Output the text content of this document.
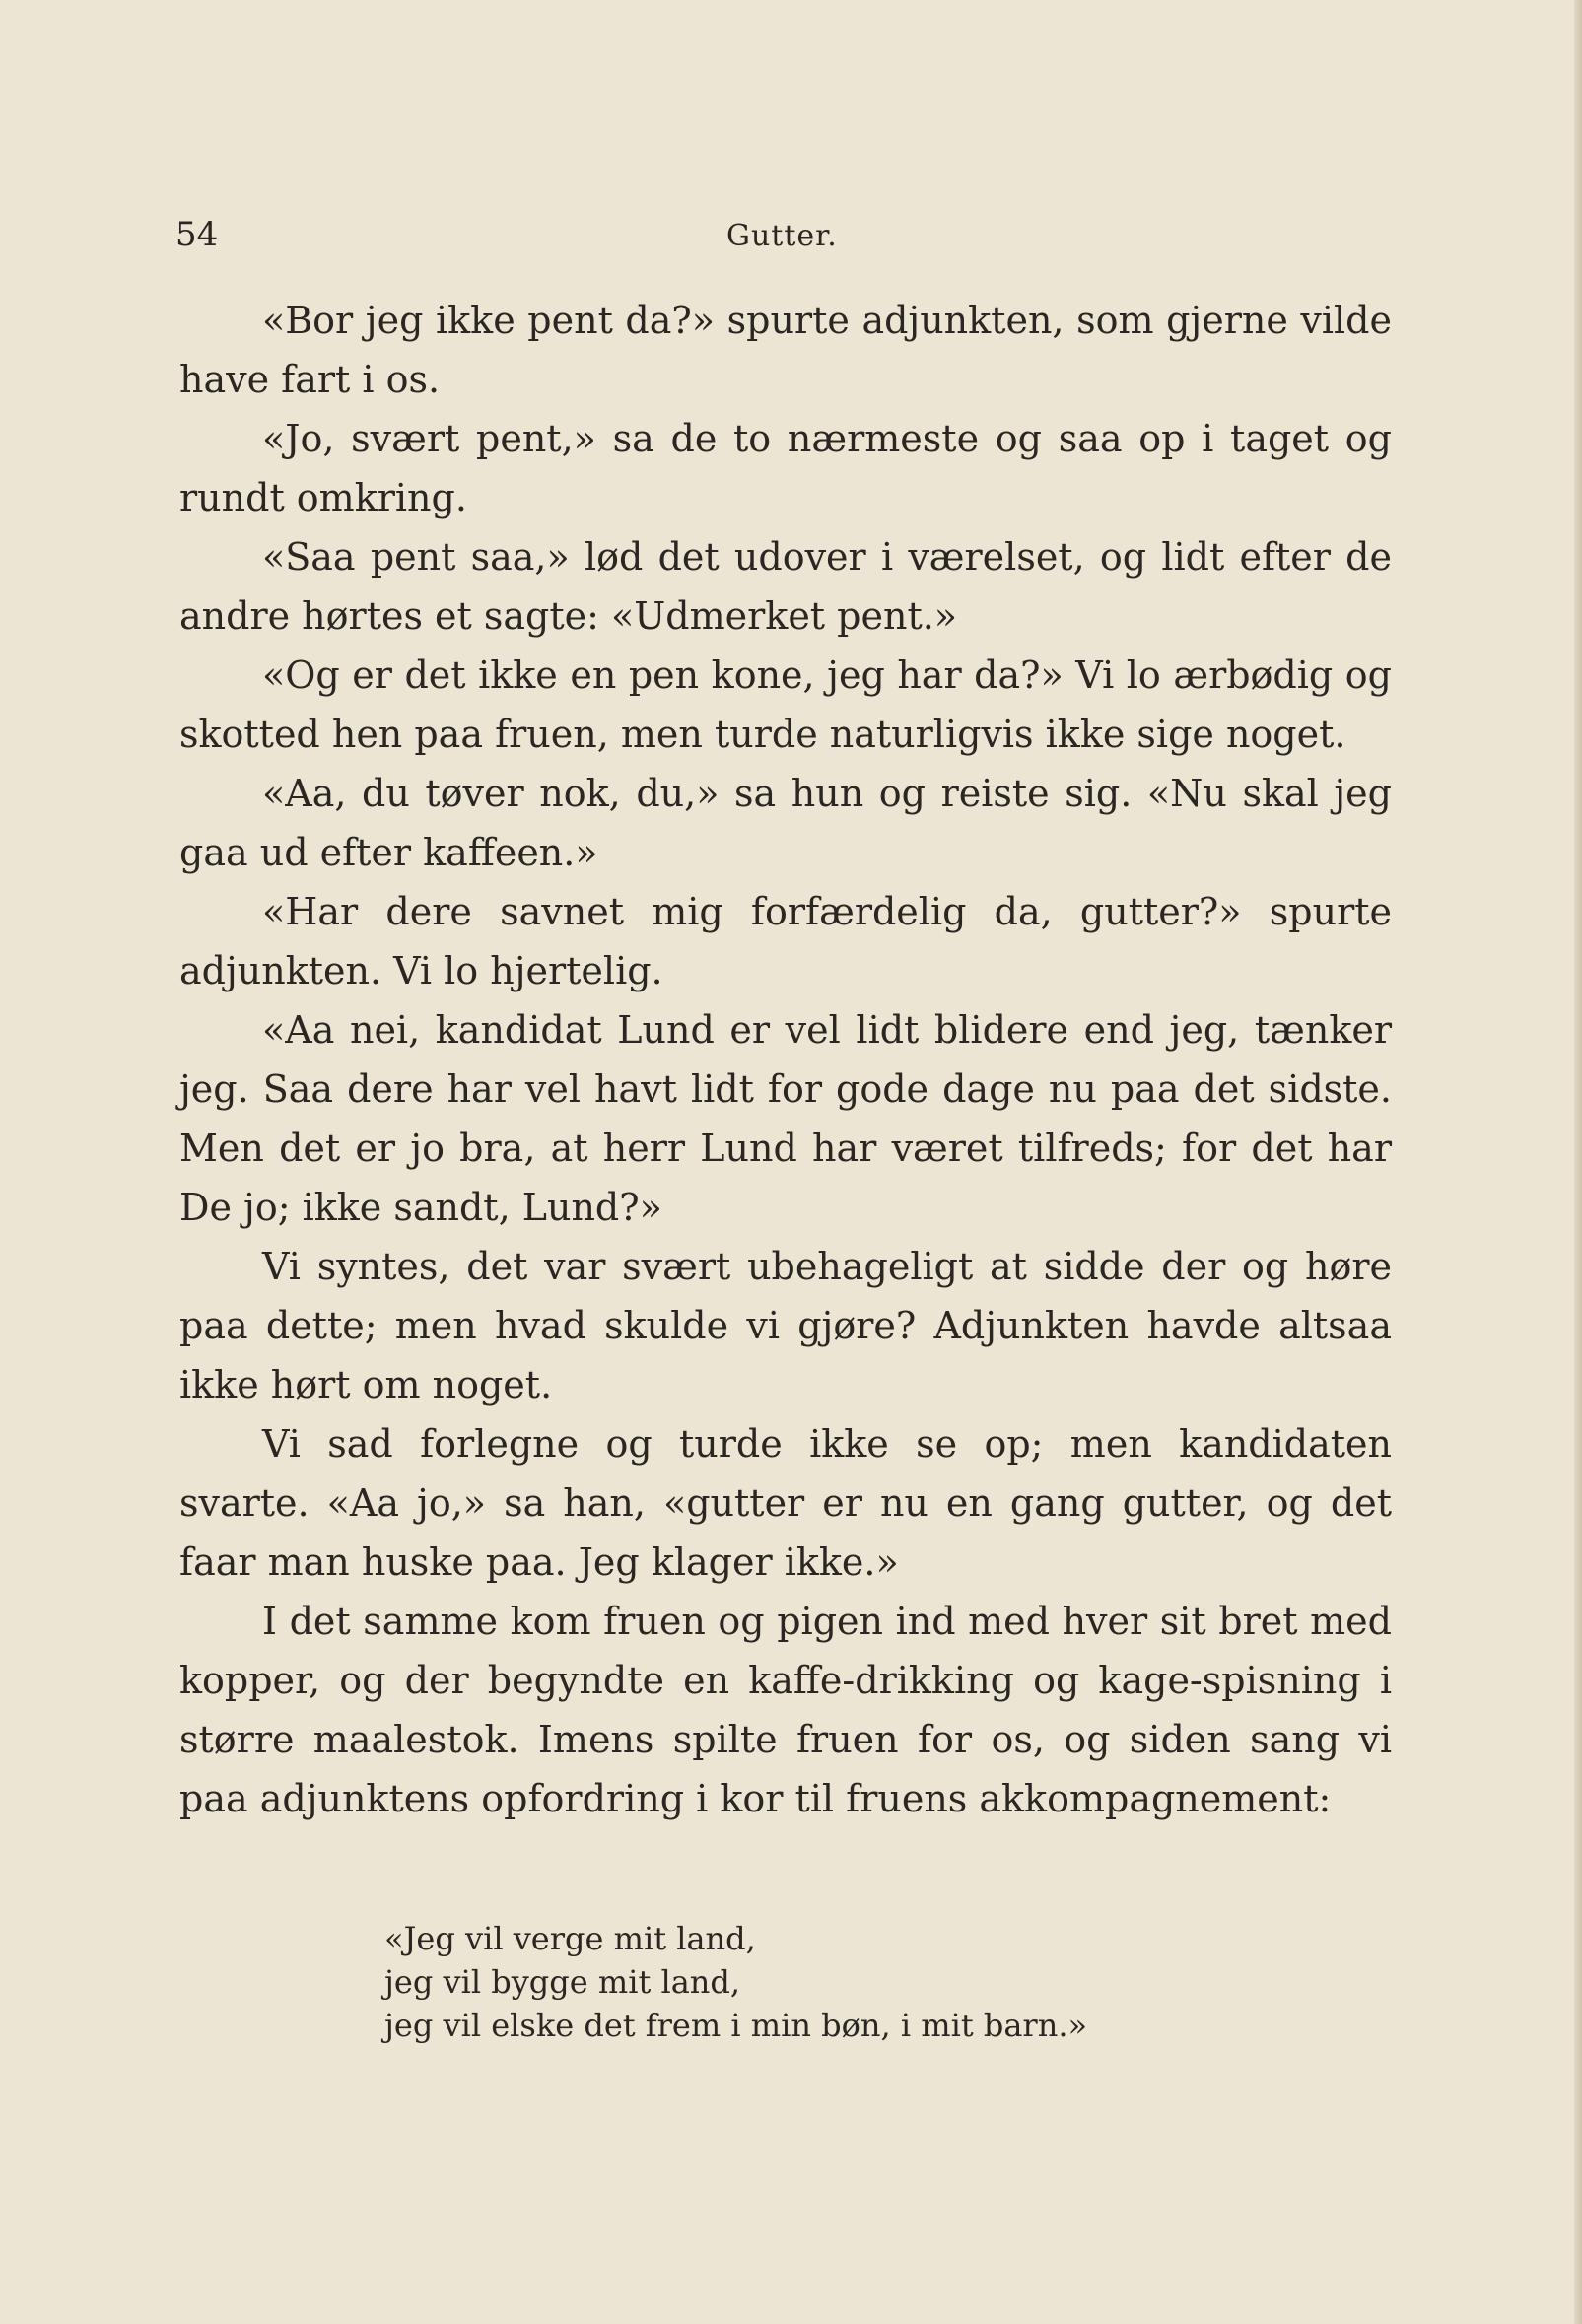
54	Gutter.

«Bor jeg ikke pent da?» spurte adjunkten, som gjerne vilde have fart i os.

«Jo, svært pent,» sa de to nærmeste og saa op i taget og rundt omkring.

«Saa pent saa,» lød det udover i værelset, og lidt efter de andre hørtes et sagte: «Udmerket pent.»

«Og er det ikke en pen kone, jeg har da?» Vi lo ærbødig og skotted hen paa fruen, men turde naturligvis ikke sige noget.

«Aa, du tøver nok, du,» sa hun og reiste sig. «Nu skal jeg gaa ud efter kaffeen.»

«Har dere savnet mig forfærdelig da, gutter?» spurte adjunkten. Vi lo hjertelig.

«Aa nei, kandidat Lund er vel lidt blidere end jeg, tænker jeg. Saa dere har vel havt lidt for gode dage nu paa det sidste. Men det er jo bra, at herr Lund har været tilfreds; for det har De jo; ikke sandt, Lund?»

Vi syntes, det var svært ubehageligt at sidde der og høre paa dette; men hvad skulde vi gjøre? Adjunkten havde altsaa ikke hørt om noget.

Vi sad forlegne og turde ikke se op; men kandidaten svarte. «Aa jo,» sa han, «gutter er nu en gang gutter, og det faar man huske paa. Jeg klager ikke.»

I det samme kom fruen og pigen ind med hver sit bret med kopper, og der begyndte en kaffe-drikking og kage-spisning i større maalestok. Imens spilte fruen for os, og siden sang vi paa adjunktens opfordring i kor til fruens akkompagnement:

«Jeg vil verge mit land,
jeg vil bygge mit land,
jeg vil elske det frem i min bøn, i mit barn.»
